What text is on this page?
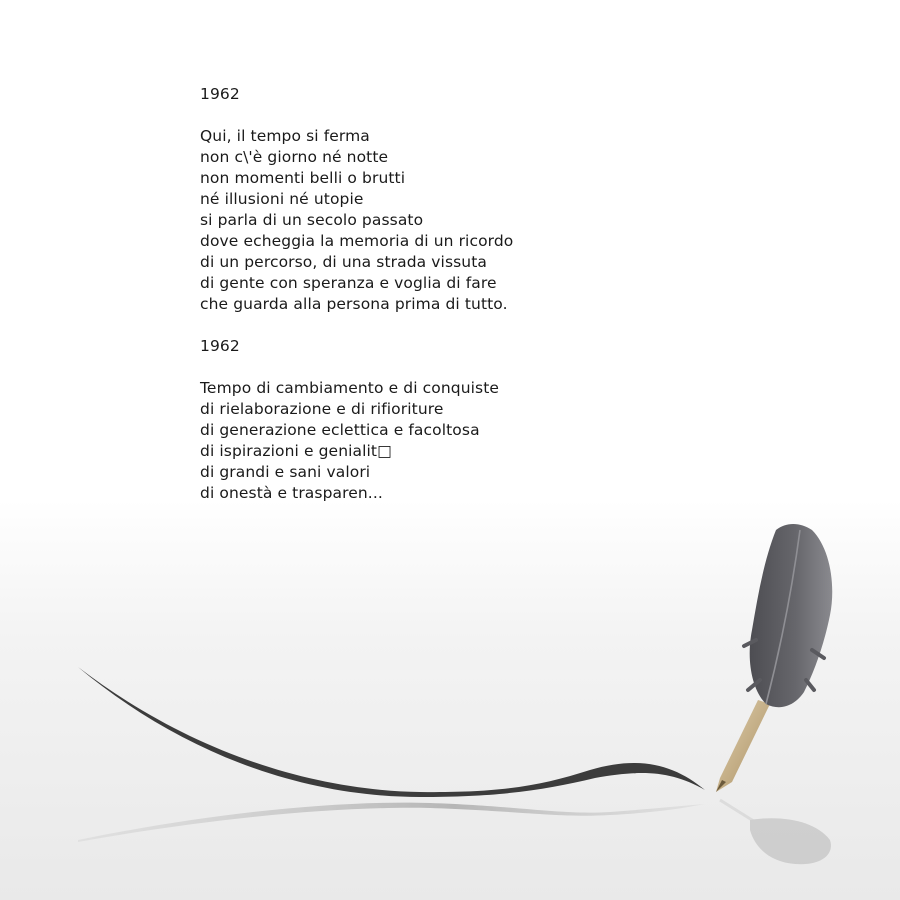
1962
Qui, il tempo si ferma
non c\'è giorno né notte
non momenti belli o brutti
né illusioni né utopie
si parla di un secolo passato
dove echeggia la memoria di un ricordo
di un percorso, di una strada vissuta
di gente con speranza e voglia di fare
che guarda alla persona prima di tutto.
1962
Tempo di cambiamento e di conquiste
di rielaborazione e di rifioriture
di generazione eclettica e facoltosa
di ispirazioni e genialit□
di grandi e sani valori
di onestà e trasparen...
